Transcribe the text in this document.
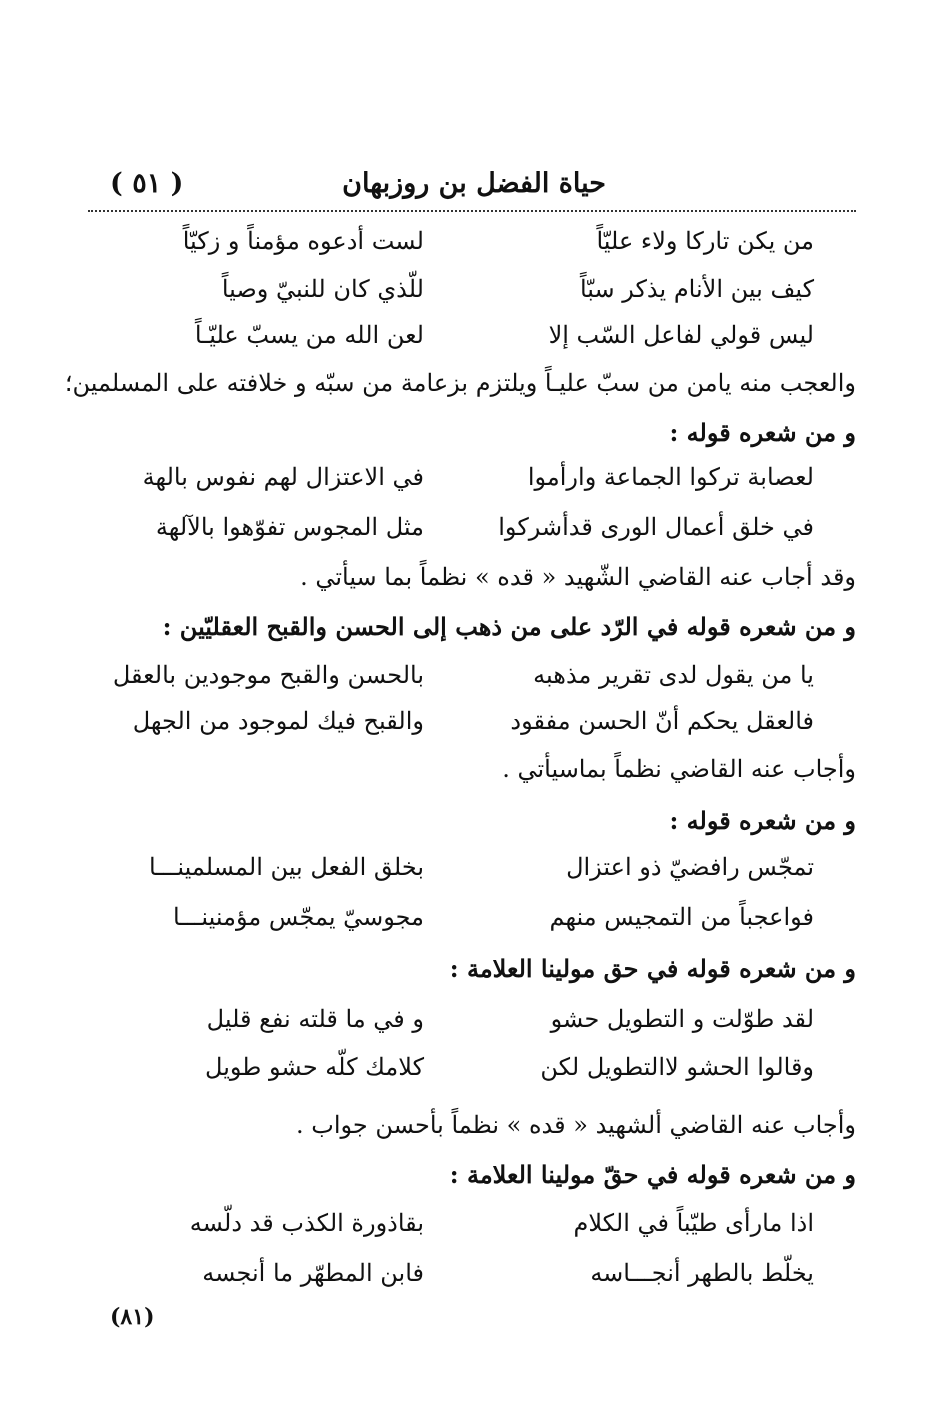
حياة الفضل بن روزبهان
( ٥١ )
من يكن تاركا ولاء عليّاً
لست أدعوه مؤمناً و زكيّاً
كيف بين الأنام يذكر سبّاً
للّذي كان للنبيّ وصياً
ليس قولي لفاعل السّب إلا
لعن الله من يسبّ عليّـاً
والعجب منه يامن من سبّ عليـاً ويلتزم بزعامة من سبّه و خلافته على المسلمين؛
و من شعره قوله :
لعصابة تركوا الجماعة وارأموا
في الاعتزال لهم نفوس بالهة
في خلق أعمال الورى قدأشركوا
مثل المجوس تفوّهوا بالآلهة
وقد أجاب عنه القاضي الشّهيد « قده » نظماً بما سيأتي .
و من شعره قوله في الرّد على من ذهب إلى الحسن والقبح العقليّين :
يا من يقول لدى تقرير مذهبه
بالحسن والقبح موجودين بالعقل
فالعقل يحكم أنّ الحسن مفقود
والقبح فيك لموجود من الجهل
وأجاب عنه القاضي نظماً بماسيأتي .
و من شعره قوله :
تمجّس رافضيّ ذو اعتزال
بخلق الفعل بين المسلمينـــا
فواعجباً من التمجيس منهم
مجوسيّ يمجّس مؤمنينـــا
و من شعره قوله في حق مولينا العلامة :
لقد طوّلت و التطويل حشو
و في ما قلته نفع قليل
وقالوا الحشو لاالتطويل لكن
كلامك كلّه حشو طويل
وأجاب عنه القاضي ألشهيد « قده » نظماً بأحسن جواب .
و من شعره قوله في حقّ مولينا العلامة :
اذا مارأى طيّباً في الكلام
بقاذورة الكذب قد دلّسه
يخلّط بالطهر أنجـــاسه
فابن المطهّر ما أنجسه
(٨١)
